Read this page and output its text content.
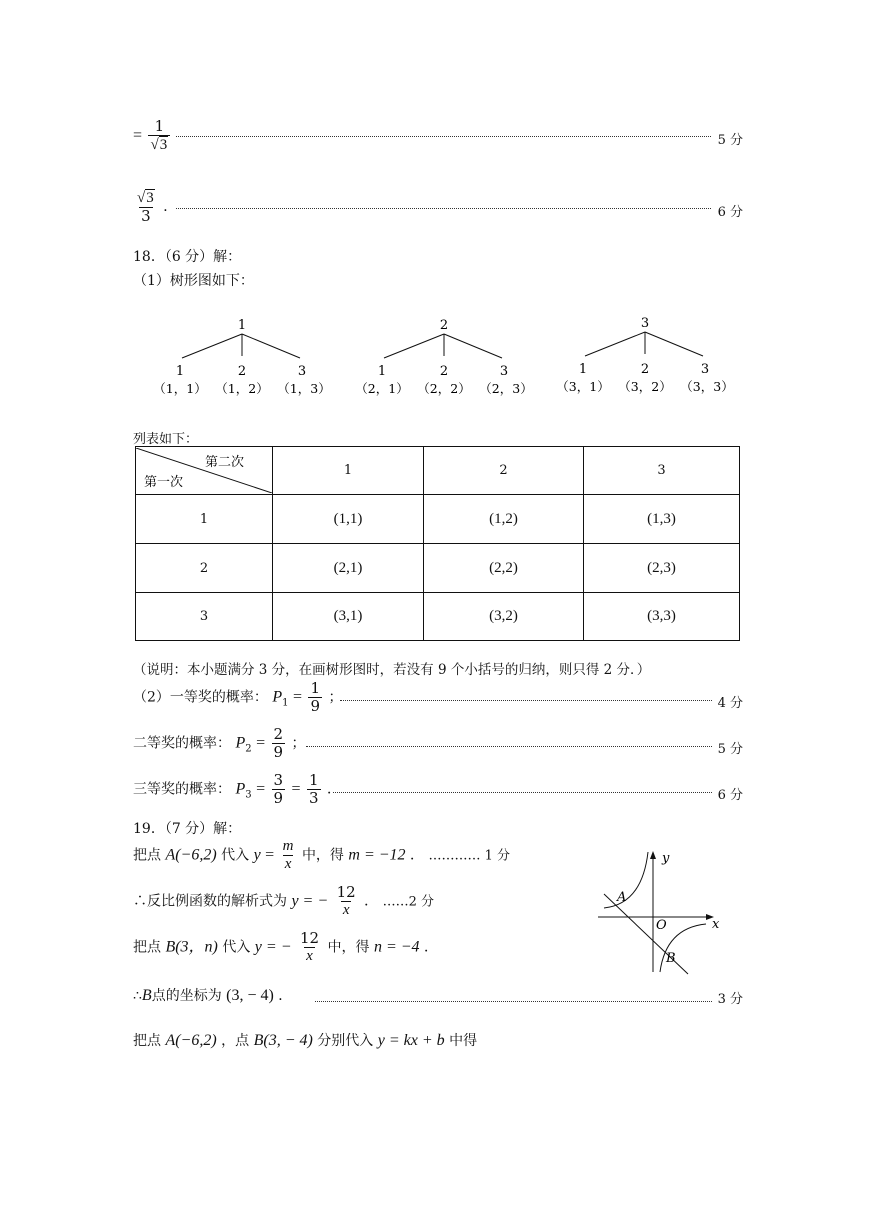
= $\frac{1}{√3}$	5 分
$\frac{√3}{3}$ ．	6 分
18．（6 分）解：
（1）树形图如下：
1
1	2	3
（1，1） （1，2） （1，3）
2
1	2	3
（2，1） （2，2） （2，3）
3
1	2	3
（3，1） （3，2） （3，3）
列表如下：
第二次
第一次	1	2	3
1	(1,1)	(1,2)	(1,3)
2	(2,1)	(2,2)	(2,3)
3	(3,1)	(3,2)	(3,3)
（说明：本小题满分 3 分，在画树形图时，若没有 9 个小括号的归纳，则只得 2 分．）
（2）一等奖的概率： $P_1 = \frac{1}{9}$ ；	4 分
二等奖的概率： $P_2 = \frac{2}{9}$ ；	5 分
三等奖的概率： $P_3 = \frac{3}{9} = \frac{1}{3}$ ．	6 分
19．（7 分）解：
把点 A(−6,2) 代入 $y = \frac{m}{x}$ 中，得 m = −12 ． ………… 1 分
∴反比例函数的解析式为 y = − $\frac{12}{x}$ ． ……2 分
把点 B(3，n) 代入 y = − $\frac{12}{x}$ 中，得 n = −4 ．
∴B点的坐标为 (3, − 4) ．	3 分
把点 A(−6,2) ，点 B(3, − 4) 分别代入 y = kx + b 中得
y
x
O
A
B
